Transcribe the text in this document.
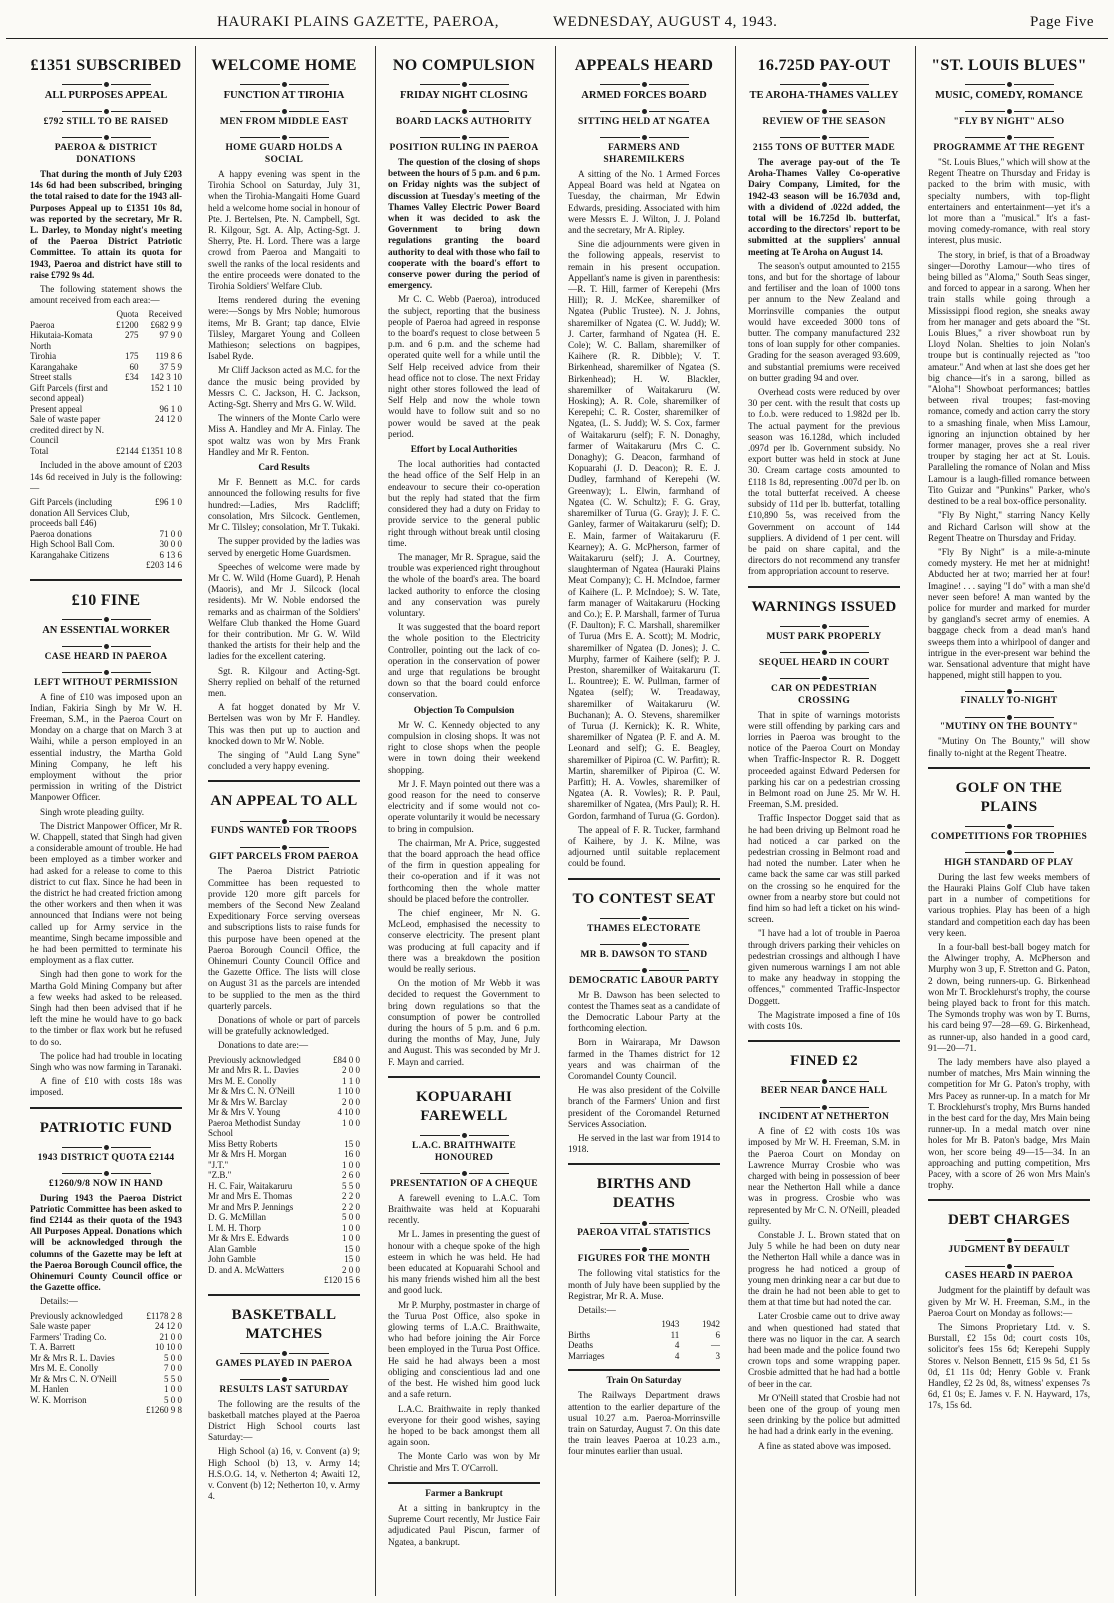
HAURAKI PLAINS GAZETTE, PAEROA,	WEDNESDAY, AUGUST 4, 1943.	Page Five
£1351 SUBSCRIBED
ALL PURPOSES APPEAL
£792 STILL TO BE RAISED
PAEROA & DISTRICT DONATIONS

That during the month of July £203 14s 6d had been subscribed, bringing the total raised to date for the 1943 all-Purposes Appeal up to £1351 10s 8d, was reported by the secretary, Mr R. L. Darley, to Monday night's meeting of the Paeroa District Patriotic Committee. To attain its quota for 1943, Paeroa and district have still to raise £792 9s 4d.

The following statement shows the amount received from each area:—

	Quota	Received
Paeroa	£1200	£682 9 9
Hikutaia-Komata North	275	97 9 0
Tirohia	175	119 8 6
Karangahake	60	37 5 9
Street stalls	£34	142 3 10
Gift Parcels (first and second appeal)		152 1 10
Present appeal		96 1 0
Sale of waste paper credited direct by N. Council		24 12 0
Total	£2144	£1351 10 8

Included in the above amount of £203 14s 6d received in July is the following:—

Gift Parcels (including donation All Services Club, proceeds ball £46)	£96 1 0
Paeroa donations	71 0 0
High School Ball Com.	30 0 0
Karangahake Citizens	6 13 6
	£203 14 6
£10 FINE
AN ESSENTIAL WORKER
CASE HEARD IN PAEROA
LEFT WITHOUT PERMISSION

A fine of £10 was imposed upon an Indian, Fakiria Singh by Mr W. H. Freeman, S.M., in the Paeroa Court on Monday on a charge that on March 3 at Waihi, while a person employed in an essential industry, the Martha Gold Mining Company, he left his employment without the prior permission in writing of the District Manpower Officer.

Singh wrote pleading guilty.

The District Manpower Officer, Mr R. W. Chappell, stated that Singh had given a considerable amount of trouble. He had been employed as a timber worker and had asked for a release to come to this district to cut flax. Since he had been in the district he had created friction among the other workers and then when it was announced that Indians were not being called up for Army service in the meantime, Singh became impossible and he had been permitted to terminate his employment as a flax cutter.

Singh had then gone to work for the Martha Gold Mining Company but after a few weeks had asked to be released. Singh had then been advised that if he left the mine he would have to go back to the timber or flax work but he refused to do so.

The police had had trouble in locating Singh who was now farming in Taranaki.

A fine of £10 with costs 18s was imposed.

PATRIOTIC FUND
1943 DISTRICT QUOTA £2144
£1260/9/8 NOW IN HAND

During 1943 the Paeroa District Patriotic Committee has been asked to find £2144 as their quota of the 1943 All Purposes Appeal. Donations which will be acknowledged through the columns of the Gazette may be left at the Paeroa Borough Council office, the Ohinemuri County Council office or the Gazette office.

Details:—

Previously acknowledged	£1178 2 8
Sale waste paper	24 12 0
Farmers' Trading Co.	21 0 0
T. A. Barrett	10 10 0
Mr & Mrs R. L. Davies	5 0 0
Mrs M. E. Conolly	7 0 0
Mr & Mrs C. N. O'Neill	5 5 0
M. Hanlen	1 0 0
W. K. Morrison	5 0 0
	£1260 9 8
WELCOME HOME
FUNCTION AT TIROHIA
MEN FROM MIDDLE EAST
HOME GUARD HOLDS A SOCIAL

A happy evening was spent in the Tirohia School on Saturday, July 31, when the Tirohia-Mangaiti Home Guard held a welcome home social in honour of Pte. J. Bertelsen, Pte. N. Campbell, Sgt. R. Kilgour, Sgt. A. Alp, Acting-Sgt. J. Sherry, Pte. H. Lord. There was a large crowd from Paeroa and Mangaiti to swell the ranks of the local residents and the entire proceeds were donated to the Tirohia Soldiers' Welfare Club.

Items rendered during the evening were:—Songs by Mrs Noble; humorous items, Mr B. Grant; tap dance, Elvie Tilsley, Margaret Young and Colleen Mathieson; selections on bagpipes, Isabel Ryde.

Mr Cliff Jackson acted as M.C. for the dance the music being provided by Messrs C. C. Jackson, H. C. Jackson, Acting-Sgt. Sherry and Mrs G. W. Wild.

The winners of the Monte Carlo were Miss A. Handley and Mr A. Finlay. The spot waltz was won by Mrs Frank Handley and Mr R. Fenton.

Card Results

Mr F. Bennett as M.C. for cards announced the following results for five hundred:—Ladies, Mrs Radcliff; consolation, Mrs Silcock. Gentlemen, Mr C. Tilsley; consolation, Mr T. Tukaki.

The supper provided by the ladies was served by energetic Home Guardsmen.

Speeches of welcome were made by Mr C. W. Wild (Home Guard), P. Henah (Maoris), and Mr J. Silcock (local residents). Mr W. Noble endorsed the remarks and as chairman of the Soldiers' Welfare Club thanked the Home Guard for their contribution. Mr G. W. Wild thanked the artists for their help and the ladies for the excellent catering.

Sgt. R. Kilgour and Acting-Sgt. Sherry replied on behalf of the returned men.

A fat hogget donated by Mr V. Bertelsen was won by Mr F. Handley. This was then put up to auction and knocked down to Mr W. Noble.

The singing of "Auld Lang Syne" concluded a very happy evening.

AN APPEAL TO ALL
FUNDS WANTED FOR TROOPS
GIFT PARCELS FROM PAEROA

The Paeroa District Patriotic Committee has been requested to provide 120 more gift parcels for members of the Second New Zealand Expeditionary Force serving overseas and subscriptions lists to raise funds for this purpose have been opened at the Paeroa Borough Council Office, the Ohinemuri County Council Office and the Gazette Office. The lists will close on August 31 as the parcels are intended to be supplied to the men as the third quarterly parcels.

Donations of whole or part of parcels will be gratefully acknowledged.

Donations to date are:—

Previously acknowledged	£84 0 0
Mr and Mrs R. L. Davies	2 0 0
Mrs M. E. Conolly	1 1 0
Mr & Mrs C. N. O'Neill	1 10 0
Mr & Mrs W. Barclay	2 0 0
Mr & Mrs V. Young	4 10 0
Paeroa Methodist Sunday School	1 0 0
Miss Betty Roberts	15 0
Mr & Mrs H. Morgan	16 0
"J.T."	1 0 0
"Z.B."	2 6 0
H. C. Fair, Waitakaruru	5 5 0
Mr and Mrs E. Thomas	2 2 0
Mr and Mrs P. Jennings	2 2 0
D. G. McMillan	5 0 0
I. M. H. Thorp	1 0 0
Mr & Mrs E. Edwards	1 0 0
Alan Gamble	15 0
John Gamble	15 0
D. and A. McWatters	2 0 0
	£120 15 6
BASKETBALL MATCHES
GAMES PLAYED IN PAEROA
RESULTS LAST SATURDAY

The following are the results of the basketball matches played at the Paeroa District High School courts last Saturday:—

High School (a) 16, v. Convent (a) 9; High School (b) 13, v. Army 14; H.S.O.G. 14, v. Netherton 4; Awaiti 12, v. Convent (b) 12; Netherton 10, v. Army 4.

NO COMPULSION
FRIDAY NIGHT CLOSING
BOARD LACKS AUTHORITY
POSITION RULING IN PAEROA

The question of the closing of shops between the hours of 5 p.m. and 6 p.m. on Friday nights was the subject of discussion at Tuesday's meeting of the Thames Valley Electric Power Board when it was decided to ask the Government to bring down regulations granting the board authority to deal with those who fail to cooperate with the board's effort to conserve power during the period of emergency.

Mr C. C. Webb (Paeroa), introduced the subject, reporting that the business people of Paeroa had agreed in response to the board's request to close between 5 p.m. and 6 p.m. and the scheme had operated quite well for a while until the Self Help received advice from their head office not to close. The next Friday night other stores followed the lead of Self Help and now the whole town would have to follow suit and so no power would be saved at the peak period.

Effort by Local Authorities

The local authorities had contacted the head office of the Self Help in an endeavour to secure their co-operation but the reply had stated that the firm considered they had a duty on Friday to provide service to the general public right through without break until closing time.

The manager, Mr R. Sprague, said the trouble was experienced right throughout the whole of the board's area. The board lacked authority to enforce the closing and any conservation was purely voluntary.

It was suggested that the board report the whole position to the Electricity Controller, pointing out the lack of co-operation in the conservation of power and urge that regulations be brought down so that the board could enforce conservation.

Objection To Compulsion

Mr W. C. Kennedy objected to any compulsion in closing shops. It was not right to close shops when the people were in town doing their weekend shopping.

Mr J. F. Mayn pointed out there was a good reason for the need to conserve electricity and if some would not co-operate voluntarily it would be necessary to bring in compulsion.

The chairman, Mr A. Price, suggested that the board approach the head office of the firm in question appealing for their co-operation and if it was not forthcoming then the whole matter should be placed before the controller.

The chief engineer, Mr N. G. McLeod, emphasised the necessity to conserve electricity. The present plant was producing at full capacity and if there was a breakdown the position would be really serious.

On the motion of Mr Webb it was decided to request the Government to bring down regulations so that the consumption of power be controlled during the hours of 5 p.m. and 6 p.m. during the months of May, June, July and August. This was seconded by Mr J. F. Mayn and carried.

KOPUARAHI FAREWELL
L.A.C. BRAITHWAITE HONOURED
PRESENTATION OF A CHEQUE

A farewell evening to L.A.C. Tom Braithwaite was held at Kopuarahi recently.

Mr L. James in presenting the guest of honour with a cheque spoke of the high esteem in which he was held. He had been educated at Kopuarahi School and his many friends wished him all the best and good luck.

Mr P. Murphy, postmaster in charge of the Turua Post Office, also spoke in glowing terms of L.A.C. Braithwaite, who had before joining the Air Force been employed in the Turua Post Office. He said he had always been a most obliging and conscientious lad and one of the best. He wished him good luck and a safe return.

L.A.C. Braithwaite in reply thanked everyone for their good wishes, saying he hoped to be back amongst them all again soon.

The Monte Carlo was won by Mr Christie and Mrs T. O'Carroll.

Farmer a Bankrupt

At a sitting in bankruptcy in the Supreme Court recently, Mr Justice Fair adjudicated Paul Piscun, farmer of Ngatea, a bankrupt.

APPEALS HEARD
ARMED FORCES BOARD
SITTING HELD AT NGATEA
FARMERS AND SHAREMILKERS

A sitting of the No. 1 Armed Forces Appeal Board was held at Ngatea on Tuesday, the chairman, Mr Edwin Edwards, presiding. Associated with him were Messrs E. J. Wilton, J. J. Poland and the secretary, Mr A. Ripley.

Sine die adjournments were given in the following appeals, reservist to remain in his present occupation. Appellant's name is given in parenthesis:—R. T. Hill, farmer of Kerepehi (Mrs Hill); R. J. McKee, sharemilker of Ngatea (Public Trustee). N. J. Johns, sharemilker of Ngatea (C. W. Judd); W. J. Carter, farmhand of Ngatea (H. E. Cole); W. C. Ballam, sharemilker of Kaihere (R. R. Dibble); V. T. Birkenhead, sharemilker of Ngatea (S. Birkenhead); H. W. Blackler, sharemilker of Waitakaruru (W. Hosking); A. R. Cole, sharemilker of Kerepehi; C. R. Coster, sharemilker of Ngatea, (L. S. Judd); W. S. Cox, farmer of Waitakaruru (self); F. N. Donaghy, farmer of Waitakaruru (Mrs C. C. Donaghy); G. Deacon, farmhand of Kopuarahi (J. D. Deacon); R. E. J. Dudley, farmhand of Kerepehi (W. Greenway); L. Elwin, farmhand of Ngatea (C. W. Schultz); F. G. Gray, sharemilker of Turua (G. Gray); J. F. C. Ganley, farmer of Waitakaruru (self); D. E. Main, farmer of Waitakaruru (F. Kearney); A. G. McPherson, farmer of Waitakaruru (self); J. A. Courtney, slaughterman of Ngatea (Hauraki Plains Meat Company); C. H. McIndoe, farmer of Kaihere (L. P. McIndoe); S. W. Tate, farm manager of Waitakaruru (Hocking and Co.); E. P. Marshall, farmer of Turua (F. Daulton); F. C. Marshall, sharemilker of Turua (Mrs E. A. Scott); M. Modric, sharemilker of Ngatea (D. Jones); J. C. Murphy, farmer of Kaihere (self); P. J. Preston, sharemilker of Waitakaruru (T. L. Rountree); E. W. Pullman, farmer of Ngatea (self); W. Treadaway, sharemilker of Waitakaruru (W. Buchanan); A. O. Stevens, sharemilker of Turua (J. Kernick); K. R. White, sharemilker of Ngatea (P. F. and A. M. Leonard and self); G. E. Beagley, sharemilker of Pipiroa (C. W. Parfitt); R. Martin, sharemilker of Pipiroa (C. W. Parfitt); H. A. Vowles, sharemilker of Ngatea (A. R. Vowles); R. P. Paul, sharemilker of Ngatea, (Mrs Paul); R. H. Gordon, farmhand of Turua (G. Gordon).

The appeal of F. R. Tucker, farmhand of Kaihere, by J. K. Milne, was adjourned until suitable replacement could be found.

TO CONTEST SEAT
THAMES ELECTORATE
MR B. DAWSON TO STAND
DEMOCRATIC LABOUR PARTY

Mr B. Dawson has been selected to contest the Thames seat as a candidate of the Democratic Labour Party at the forthcoming election.

Born in Wairarapa, Mr Dawson farmed in the Thames district for 12 years and was chairman of the Coromandel County Council.

He was also president of the Colville branch of the Farmers' Union and first president of the Coromandel Returned Services Association.

He served in the last war from 1914 to 1918.

BIRTHS AND DEATHS
PAEROA VITAL STATISTICS
FIGURES FOR THE MONTH

The following vital statistics for the month of July have been supplied by the Registrar, Mr R. A. Muse.

Details:—

	1943	1942
Births	11	6
Deaths	4	—
Marriages	4	3

Train On Saturday

The Railways Department draws attention to the earlier departure of the usual 10.27 a.m. Paeroa-Morrinsville train on Saturday, August 7. On this date the train leaves Paeroa at 10.23 a.m., four minutes earlier than usual.

16.725D PAY-OUT
TE AROHA-THAMES VALLEY
REVIEW OF THE SEASON
2155 TONS OF BUTTER MADE

The average pay-out of the Te Aroha-Thames Valley Co-operative Dairy Company, Limited, for the 1942-43 season will be 16.703d and, with a dividend of .022d added, the total will be 16.725d lb. butterfat, according to the directors' report to be submitted at the suppliers' annual meeting at Te Aroha on August 14.

The season's output amounted to 2155 tons, and but for the shortage of labour and fertiliser and the loan of 1000 tons per annum to the New Zealand and Morrinsville companies the output would have exceeded 3000 tons of butter. The company manufactured 232 tons of loan supply for other companies. Grading for the season averaged 93.609, and substantial premiums were received on butter grading 94 and over.

Overhead costs were reduced by over 30 per cent. with the result that costs up to f.o.b. were reduced to 1.982d per lb. The actual payment for the previous season was 16.128d, which included .097d per lb. Government subsidy. No export butter was held in stock at June 30. Cream cartage costs amounted to £118 1s 8d, representing .007d per lb. on the total butterfat received. A cheese subsidy of 11d per lb. butterfat, totalling £10,890 5s, was received from the Government on account of 144 suppliers. A dividend of 1 per cent. will be paid on share capital, and the directors do not recommend any transfer from appropriation account to reserve.

WARNINGS ISSUED
MUST PARK PROPERLY
SEQUEL HEARD IN COURT
CAR ON PEDESTRIAN CROSSING

That in spite of warnings motorists were still offending by parking cars and lorries in Paeroa was brought to the notice of the Paeroa Court on Monday when Traffic-Inspector R. R. Doggett proceeded against Edward Pedersen for parking his car on a pedestrian crossing in Belmont road on June 25. Mr W. H. Freeman, S.M. presided.

Traffic Inspector Dogget said that as he had been driving up Belmont road he had noticed a car parked on the pedestrian crossing in Belmont road and had noted the number. Later when he came back the same car was still parked on the crossing so he enquired for the owner from a nearby store but could not find him so had left a ticket on his wind-screen.

"I have had a lot of trouble in Paeroa through drivers parking their vehicles on pedestrian crossings and although I have given numerous warnings I am not able to make any headway in stopping the offences," commented Traffic-Inspector Doggett.

The Magistrate imposed a fine of 10s with costs 10s.

FINED £2
BEER NEAR DANCE HALL
INCIDENT AT NETHERTON

A fine of £2 with costs 10s was imposed by Mr W. H. Freeman, S.M. in the Paeroa Court on Monday on Lawrence Murray Crosbie who was charged with being in possession of beer near the Netherton Hall while a dance was in progress. Crosbie who was represented by Mr C. N. O'Neill, pleaded guilty.

Constable J. L. Brown stated that on July 5 while he had been on duty near the Netherton Hall while a dance was in progress he had noticed a group of young men drinking near a car but due to the drain he had not been able to get to them at that time but had noted the car.

Later Crosbie came out to drive away and when questioned had stated that there was no liquor in the car. A search had been made and the police found two crown tops and some wrapping paper. Crosbie admitted that he had had a bottle of beer in the car.

Mr O'Neill stated that Crosbie had not been one of the group of young men seen drinking by the police but admitted he had had a drink early in the evening.

A fine as stated above was imposed.

"ST. LOUIS BLUES"
MUSIC, COMEDY, ROMANCE
"FLY BY NIGHT" ALSO
PROGRAMME AT THE REGENT

"St. Louis Blues," which will show at the Regent Theatre on Thursday and Friday is packed to the brim with music, with specialty numbers, with top-flight entertainers and entertainment—yet it's a lot more than a "musical." It's a fast-moving comedy-romance, with real story interest, plus music.

The story, in brief, is that of a Broadway singer—Dorothy Lamour—who tires of being billed as "Aloma," South Seas singer, and forced to appear in a sarong. When her train stalls while going through a Mississippi flood region, she sneaks away from her manager and gets aboard the "St. Louis Blues," a river showboat run by Lloyd Nolan. Shelties to join Nolan's troupe but is continually rejected as "too amateur." And when at last she does get her big chance—it's in a sarong, billed as "Aloha"! Showboat performances; battles between rival troupes; fast-moving romance, comedy and action carry the story to a smashing finale, when Miss Lamour, ignoring an injunction obtained by her former manager, proves she a real river trouper by staging her act at St. Louis. Paralleling the romance of Nolan and Miss Lamour is a laugh-filled romance between Tito Guizar and "Punkins" Parker, who's destined to be a real box-office personality.

"Fly By Night," starring Nancy Kelly and Richard Carlson will show at the Regent Theatre on Thursday and Friday.

"Fly By Night" is a mile-a-minute comedy mystery. He met her at midnight! Abducted her at two; married her at four! Imagine! . . . saying "I do" with a man she'd never seen before! A man wanted by the police for murder and marked for murder by gangland's secret army of enemies. A baggage check from a dead man's hand sweeps them into a whirlpool of danger and intrigue in the ever-present war behind the war. Sensational adventure that might have happened, might still happen to you.

FINALLY TO-NIGHT
"MUTINY ON THE BOUNTY"

"Mutiny On The Bounty," will show finally to-night at the Regent Theatre.

GOLF ON THE PLAINS
COMPETITIONS FOR TROPHIES
HIGH STANDARD OF PLAY

During the last few weeks members of the Hauraki Plains Golf Club have taken part in a number of competitions for various trophies. Play has been of a high standard and competition each day has been very keen.

In a four-ball best-ball bogey match for the Alwinger trophy, A. McPherson and Murphy won 3 up, F. Stretton and G. Paton, 2 down, being runners-up. G. Birkenhead won Mr T. Brocklehurst's trophy, the course being played back to front for this match. The Symonds trophy was won by T. Burns, his card being 97—28—69. G. Birkenhead, as runner-up, also handed in a good card, 91—20—71.

The lady members have also played a number of matches, Mrs Main winning the competition for Mr G. Paton's trophy, with Mrs Pacey as runner-up. In a match for Mr T. Brocklehurst's trophy, Mrs Burns handed in the best card for the day, Mrs Main being runner-up. In a medal match over nine holes for Mr B. Paton's badge, Mrs Main won, her score being 49—15—34. In an approaching and putting competition, Mrs Pacey, with a score of 26 won Mrs Main's trophy.

DEBT CHARGES
JUDGMENT BY DEFAULT
CASES HEARD IN PAEROA

Judgment for the plaintiff by default was given by Mr W. H. Freeman, S.M., in the Paeroa Court on Monday as follows:—

The Simons Proprietary Ltd. v. S. Burstall, £2 15s 0d; court costs 10s, solicitor's fees 15s 6d; Kerepehi Supply Stores v. Nelson Bennett, £15 9s 5d, £1 5s 0d, £1 11s 0d; Henry Goble v. Frank Handley, £2 2s 0d, 8s, witness' expenses 7s 6d, £1 0s; E. James v. F. N. Hayward, 17s, 17s, 15s 6d.
